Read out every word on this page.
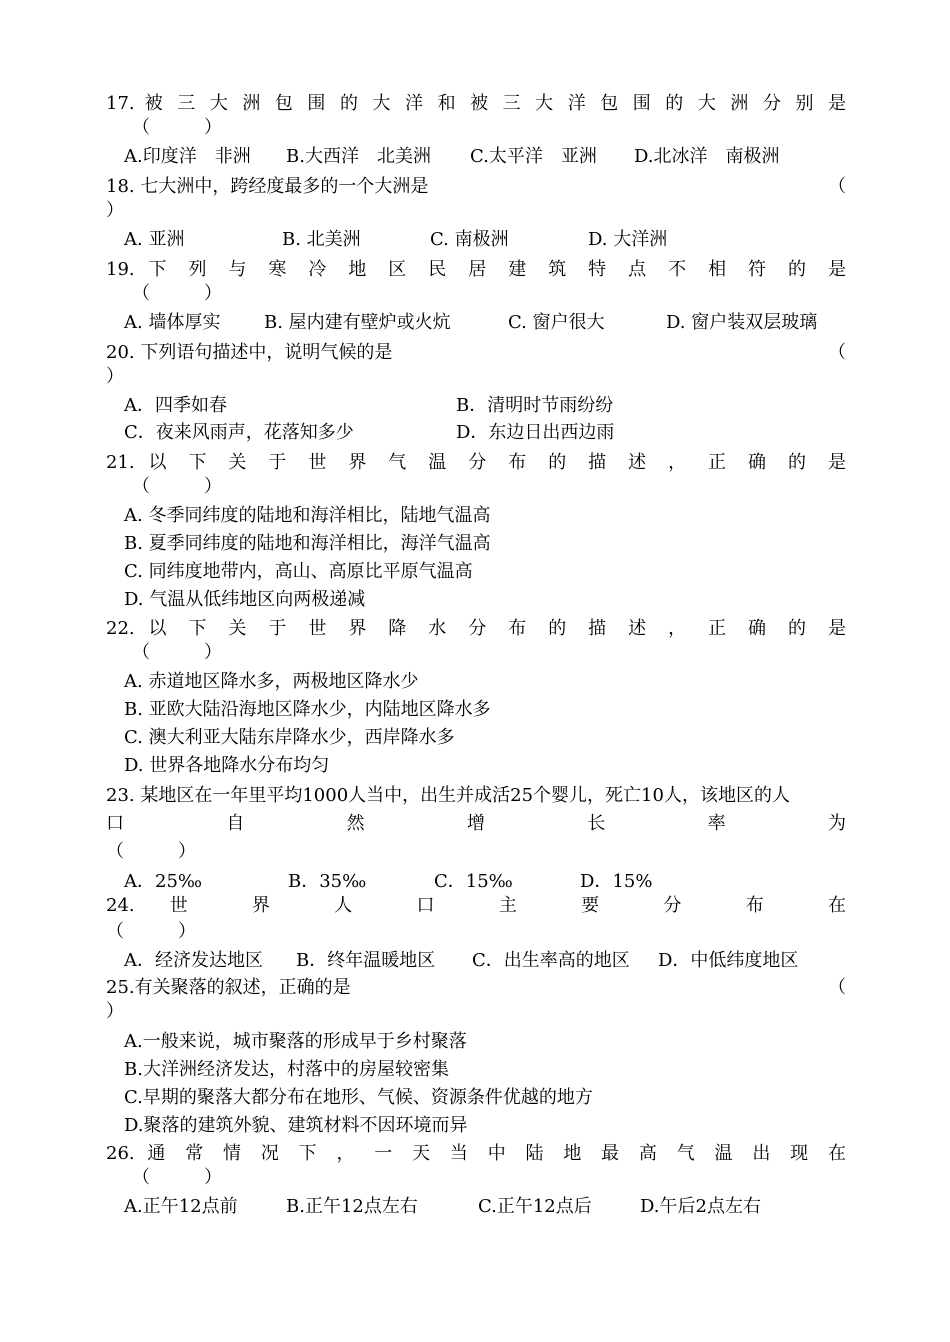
17. 被 三 大 洲 包 围 的 大 洋 和 被 三 大 洋 包 围 的 大 洲 分 别 是
（　　　）
A.印度洋　非洲 B.大西洋　北美洲 C.太平洋　亚洲 D.北冰洋　南极洲
18. 七大洲中，跨经度最多的一个大洲是	（
）
A. 亚洲	B. 北美洲	C. 南极洲	D. 大洋洲
19. 下 列 与 寒 冷 地 区 民 居 建 筑 特 点 不 相 符 的 是
（　　　）
A. 墙体厚实 B. 屋内建有壁炉或火炕	C. 窗户很大	D. 窗户装双层玻璃
20. 下列语句描述中，说明气候的是	（
）
A．四季如春	B．清明时节雨纷纷
C．夜来风雨声，花落知多少	D．东边日出西边雨
21. 以 下 关 于 世 界 气 温 分 布 的 描 述 ， 正 确 的 是
（　　　）
A. 冬季同纬度的陆地和海洋相比，陆地气温高
B. 夏季同纬度的陆地和海洋相比，海洋气温高
C. 同纬度地带内，高山、高原比平原气温高
D. 气温从低纬地区向两极递减
22. 以 下 关 于 世 界 降 水 分 布 的 描 述 ， 正 确 的 是
（　　　）
A. 赤道地区降水多，两极地区降水少
B. 亚欧大陆沿海地区降水少，内陆地区降水多
C. 澳大利亚大陆东岸降水少，西岸降水多
D. 世界各地降水分布均匀
23. 某地区在一年里平均1000人当中，出生并成活25个婴儿，死亡10人，该地区的人
口 自 然 增 长 率 为
（　　　）
A．25‰	B．35‰	C．15‰	D．15%
24. 世 界 人 口 主 要 分 布 在
（　　　）
A．经济发达地区 B．终年温暖地区 C．出生率高的地区 D．中低纬度地区
25.有关聚落的叙述，正确的是	（
）
A.一般来说，城市聚落的形成早于乡村聚落
B.大洋洲经济发达，村落中的房屋较密集
C.早期的聚落大都分布在地形、气候、资源条件优越的地方
D.聚落的建筑外貌、建筑材料不因环境而异
26. 通 常 情 况 下 ， 一 天 当 中 陆 地 最 高 气 温 出 现 在
（　　　）
A.正午12点前	B.正午12点左右	C.正午12点后	D.午后2点左右
